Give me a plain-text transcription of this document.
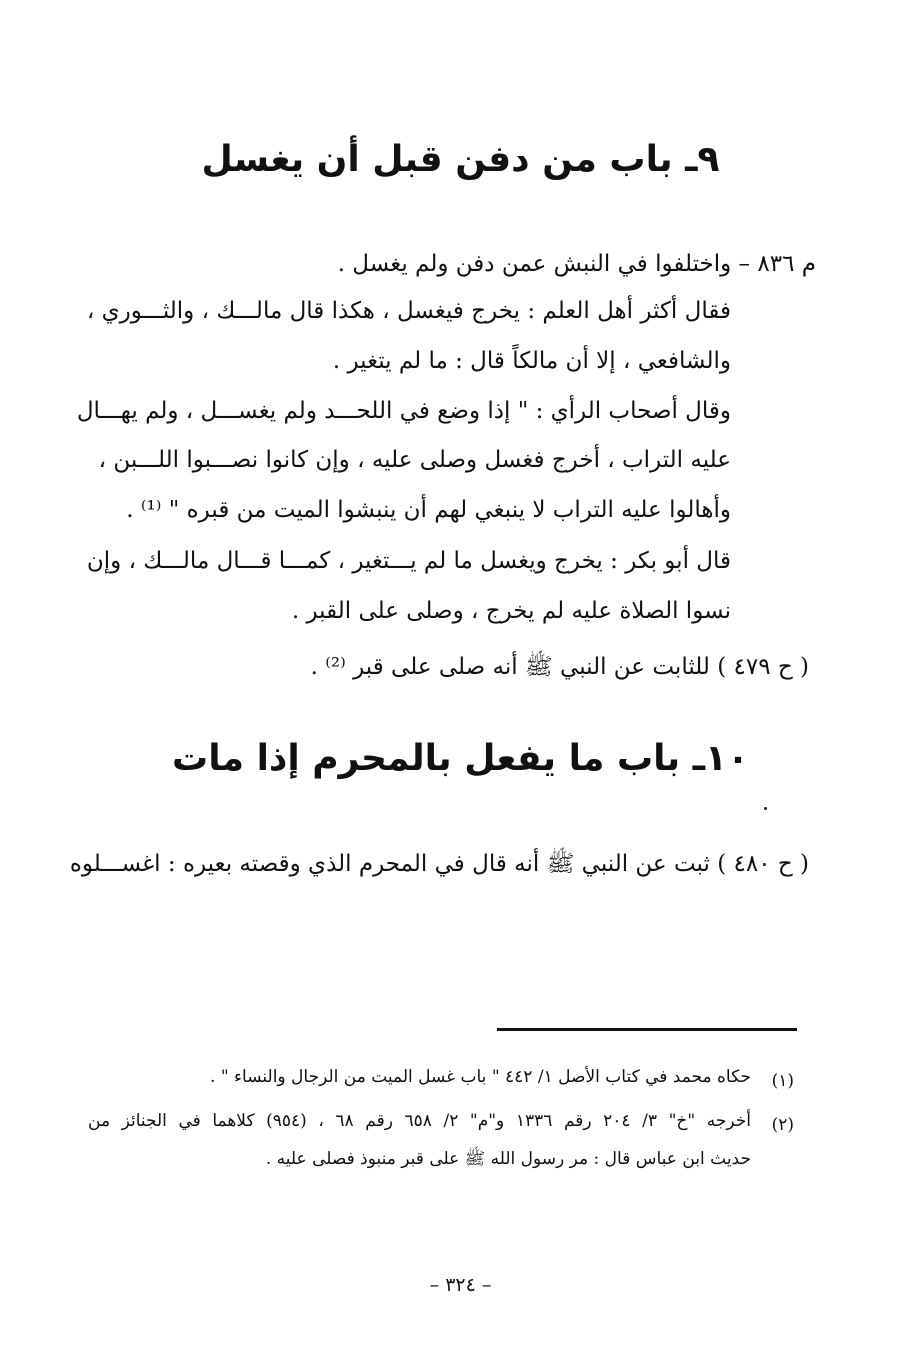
٩ـ باب من دفن قبل أن يغسل
م ٨٣٦ – واختلفوا في النبش عمن دفن ولم يغسل .
فقال أكثر أهل العلم : يخرج فيغسل ، هكذا قال مالـــك ، والثـــوري ،
والشافعي ، إلا أن مالكاً قال : ما لم يتغير .
وقال أصحاب الرأي : " إذا وضع في اللحـــد ولم يغســـل ، ولم يهـــال
عليه التراب ، أخرج فغسل وصلى عليه ، وإن كانوا نصـــبوا اللـــبن ،
وأهالوا عليه التراب لا ينبغي لهم أن ينبشوا الميت من قبره " ⁽¹⁾ .
قال أبو بكر : يخرج ويغسل ما لم يـــتغير ، كمـــا قـــال مالـــك ، وإن
نسوا الصلاة عليه لم يخرج ، وصلى على القبر .
( ح ٤٧٩ ) للثابت عن النبي ﷺ أنه صلى على قبر ⁽²⁾ .
١٠ـ باب ما يفعل بالمحرم إذا مات
( ح ٤٨٠ ) ثبت عن النبي ﷺ أنه قال في المحرم الذي وقصته بعيره : اغســـلوه
(١)
حكاه محمد في كتاب الأصل ١/ ٤٤٢ " باب غسل الميت من الرجال والنساء " .
(٢)
أخرجه "خ" ٣/ ٢٠٤ رقم ١٣٣٦ و"م" ٢/ ٦٥٨ رقم ٦٨ ، (٩٥٤) كلاهما في الجنائز من
حديث ابن عباس قال : مر رسول الله ﷺ على قبر منبوذ فصلى عليه .
– ٣٢٤ –
